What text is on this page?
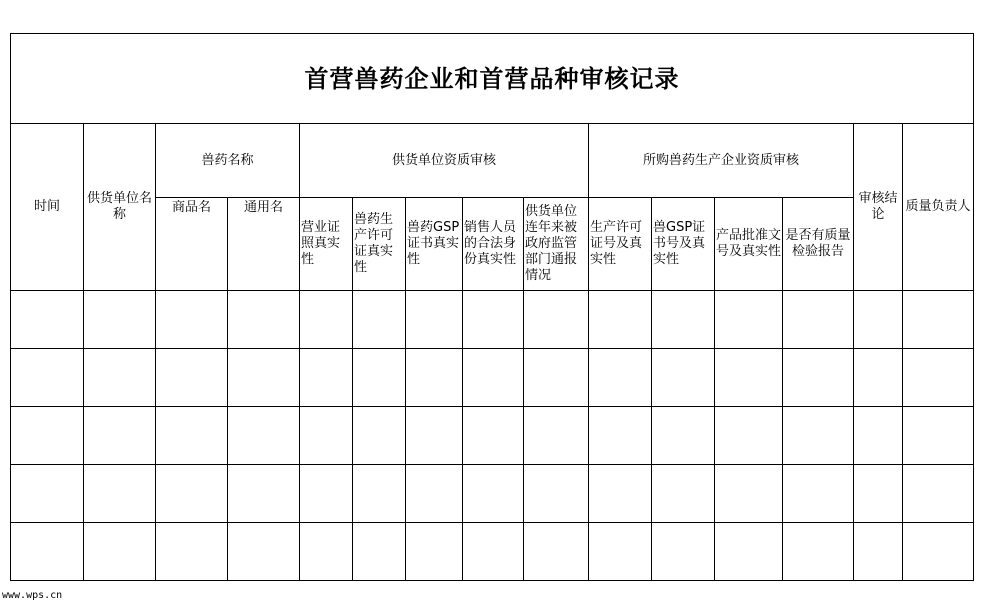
首营兽药企业和首营品种审核记录														
时间	供货单位名称	兽药名称		供货单位资质审核					所购兽药生产企业资质审核				审核结论	质量负责人
		商品名	通用名	营业证照真实性	兽药生产许可证真实性	兽药GSP证书真实性	销售人员的合法身份真实性	供货单位连年来被政府监管部门通报情况	生产许可证号及真实性	兽GSP证书号及真实性	产品批准文号及真实性	是否有质量检验报告		

www.wps.cn
